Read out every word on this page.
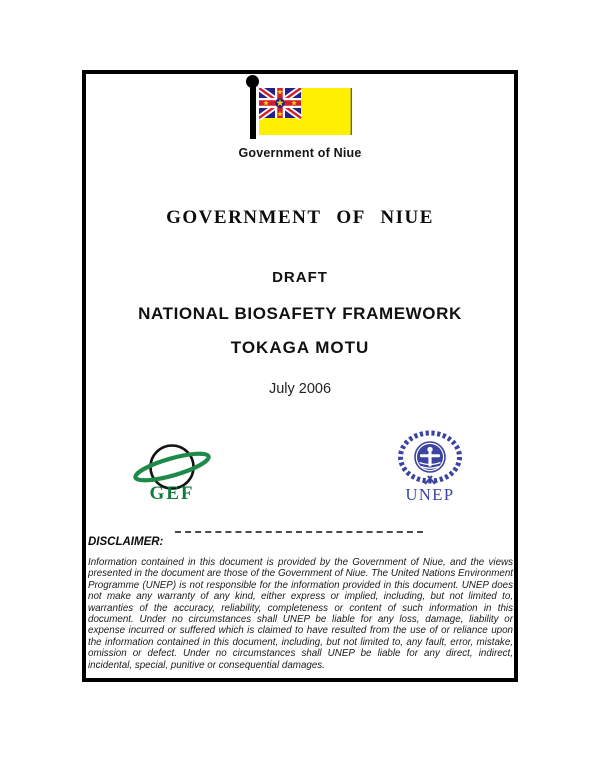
Government of Niue
GOVERNMENT OF NIUE
DRAFT
NATIONAL BIOSAFETY FRAMEWORK
TOKAGA MOTU
July 2006
GEF	UNEP
DISCLAIMER:
Information contained in this document is provided by the Government of Niue, and the views presented in the document are those of the Government of Niue. The United Nations Environment Programme (UNEP) is not responsible for the information provided in this document. UNEP does not make any warranty of any kind, either express or implied, including, but not limited to, warranties of the accuracy, reliability, completeness or content of such information in this document. Under no circumstances shall UNEP be liable for any loss, damage, liability or expense incurred or suffered which is claimed to have resulted from the use of or reliance upon the information contained in this document, including, but not limited to, any fault, error, mistake, omission or defect. Under no circumstances shall UNEP be liable for any direct, indirect, incidental, special, punitive or consequential damages.
